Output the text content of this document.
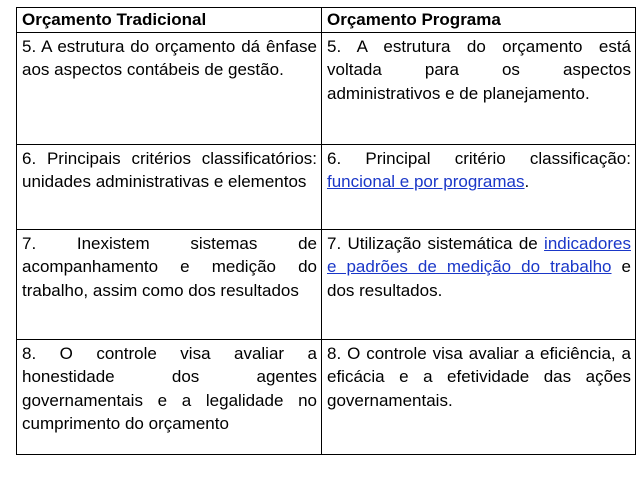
Orçamento Tradicional	Orçamento Programa
5. A estrutura do orçamento dá ênfase aos aspectos contábeis de gestão.	5. A estrutura do orçamento está voltada para os aspectos administrativos e de planejamento.
6. Principais critérios classificatórios: unidades administrativas e elementos	6. Principal critério classificação: funcional e por programas.
7. Inexistem sistemas de acompanhamento e medição do trabalho, assim como dos resultados	7. Utilização sistemática de indicadores e padrões de medição do trabalho e dos resultados.
8. O controle visa avaliar a honestidade dos agentes governamentais e a legalidade no cumprimento do orçamento	8. O controle visa avaliar a eficiência, a eficácia e a efetividade das ações governamentais.
